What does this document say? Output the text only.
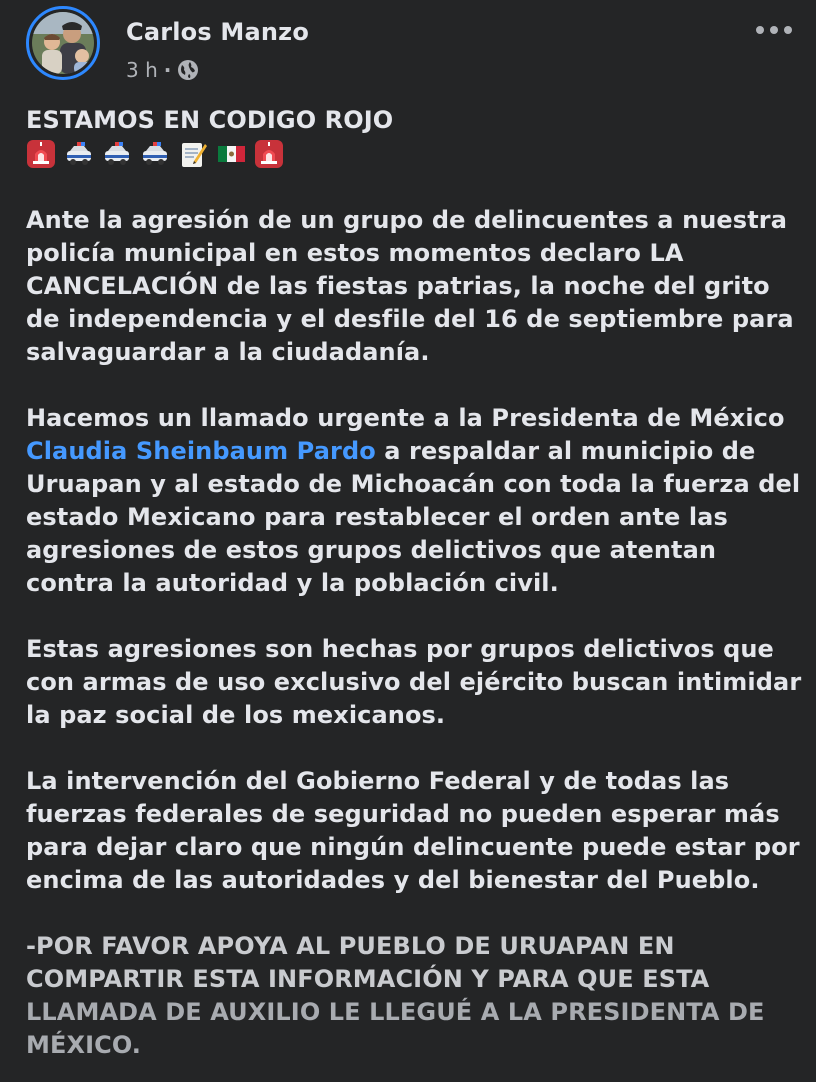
Carlos Manzo
3 h ·

ESTAMOS EN CODIGO ROJO

Ante la agresión de un grupo de delincuentes a nuestra
policía municipal en estos momentos declaro LA
CANCELACIÓN de las fiestas patrias, la noche del grito
de independencia y el desfile del 16 de septiembre para
salvaguardar a la ciudadanía.

Hacemos un llamado urgente a la Presidenta de México
Claudia Sheinbaum Pardo a respaldar al municipio de
Uruapan y al estado de Michoacán con toda la fuerza del
estado Mexicano para restablecer el orden ante las
agresiones de estos grupos delictivos que atentan
contra la autoridad y la población civil.

Estas agresiones son hechas por grupos delictivos que
con armas de uso exclusivo del ejército buscan intimidar
la paz social de los mexicanos.

La intervención del Gobierno Federal y de todas las
fuerzas federales de seguridad no pueden esperar más
para dejar claro que ningún delincuente puede estar por
encima de las autoridades y del bienestar del Pueblo.

-POR FAVOR APOYA AL PUEBLO DE URUAPAN EN
COMPARTIR ESTA INFORMACIÓN Y PARA QUE ESTA
LLAMADA DE AUXILIO LE LLEGUÉ A LA PRESIDENTA DE
MÉXICO.
